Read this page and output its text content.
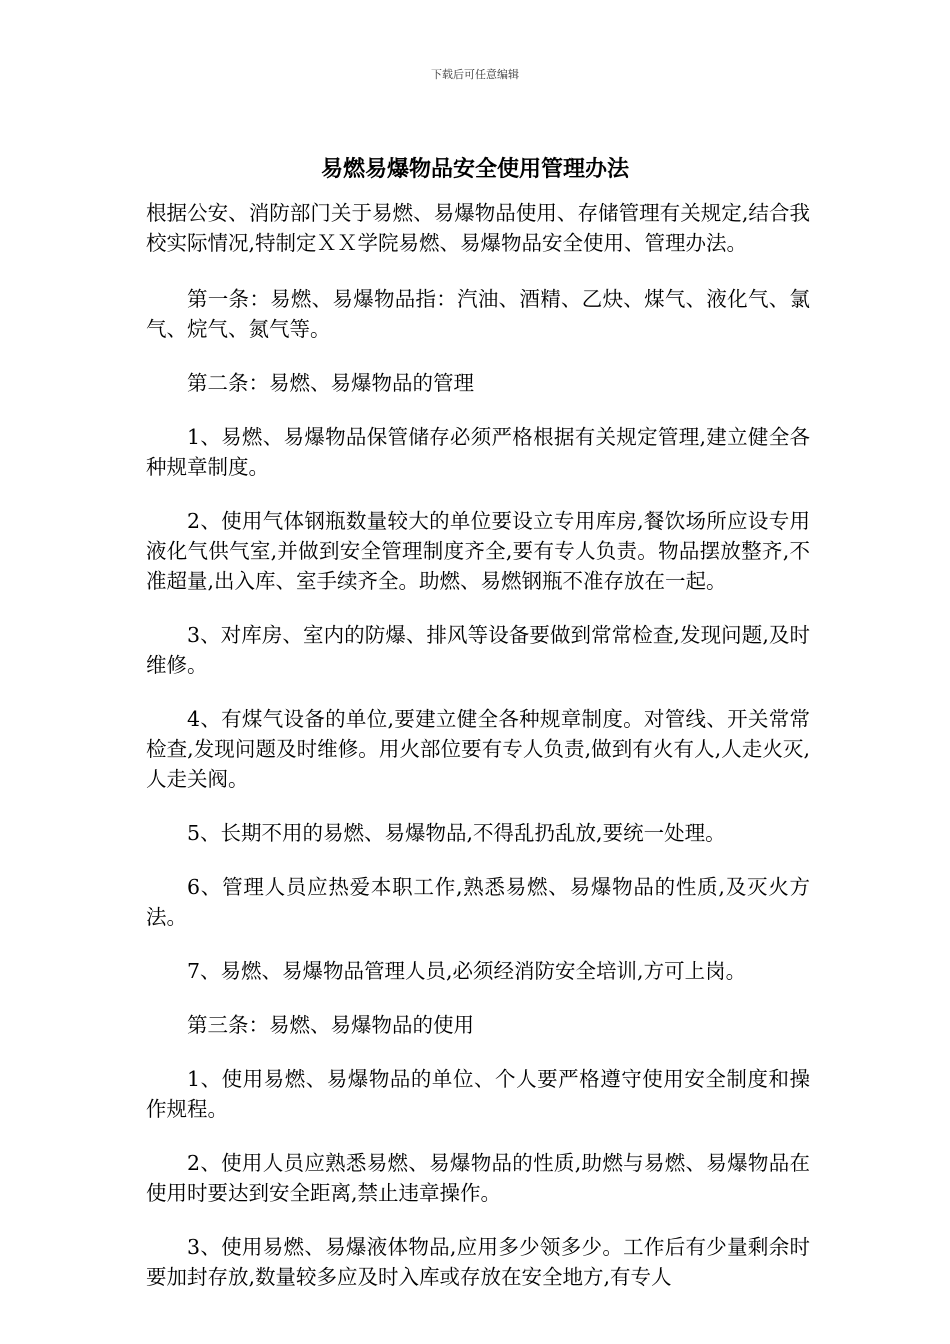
下载后可任意编辑
易燃易爆物品安全使用管理办法

根据公安、消防部门关于易燃、易爆物品使用、存储管理有关规定,结合我校实际情况,特制定ＸＸ学院易燃、易爆物品安全使用、管理办法。

第一条：易燃、易爆物品指：汽油、酒精、乙炔、煤气、液化气、氯气、烷气、氮气等。

第二条：易燃、易爆物品的管理

1、易燃、易爆物品保管储存必须严格根据有关规定管理,建立健全各种规章制度。

2、使用气体钢瓶数量较大的单位要设立专用库房,餐饮场所应设专用液化气供气室,并做到安全管理制度齐全,要有专人负责。物品摆放整齐,不准超量,出入库、室手续齐全。助燃、易燃钢瓶不准存放在一起。

3、对库房、室内的防爆、排风等设备要做到常常检查,发现问题,及时维修。

4、有煤气设备的单位,要建立健全各种规章制度。对管线、开关常常检查,发现问题及时维修。用火部位要有专人负责,做到有火有人,人走火灭,人走关阀。

5、长期不用的易燃、易爆物品,不得乱扔乱放,要统一处理。

6、管理人员应热爱本职工作,熟悉易燃、易爆物品的性质,及灭火方法。

7、易燃、易爆物品管理人员,必须经消防安全培训,方可上岗。

第三条：易燃、易爆物品的使用

1、使用易燃、易爆物品的单位、个人要严格遵守使用安全制度和操作规程。

2、使用人员应熟悉易燃、易爆物品的性质,助燃与易燃、易爆物品在使用时要达到安全距离,禁止违章操作。

3、使用易燃、易爆液体物品,应用多少领多少。工作后有少量剩余时要加封存放,数量较多应及时入库或存放在安全地方,有专人
